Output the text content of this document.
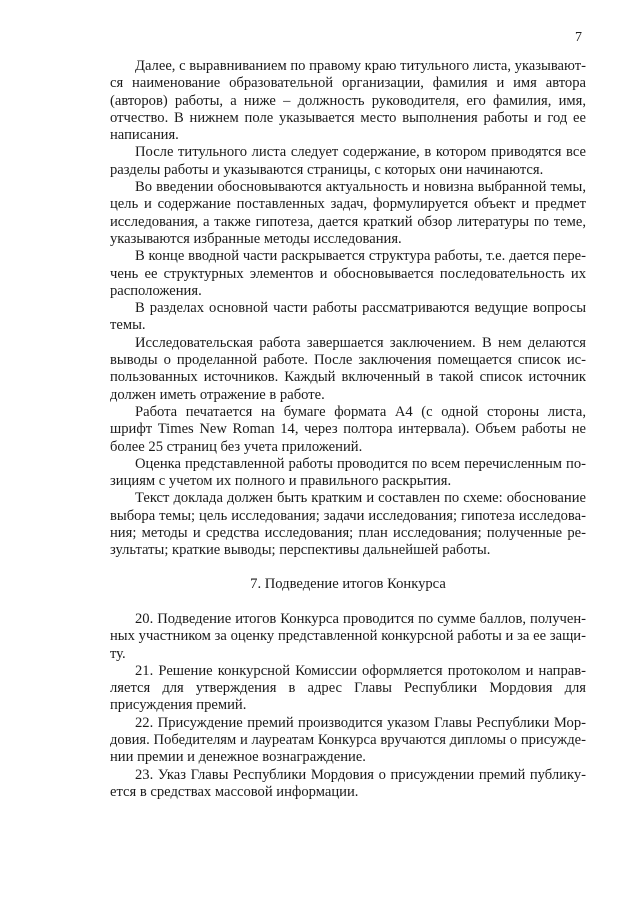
7

Далее, с выравниванием по правому краю титульного листа, указываются наименование образовательной организации, фамилия и имя автора (авторов) работы, а ниже – должность руководителя, его фамилия, имя, отчество. В нижнем поле указывается место выполнения работы и год ее написания.

После титульного листа следует содержание, в котором приводятся все разделы работы и указываются страницы, с которых они начинаются.

Во введении обосновываются актуальность и новизна выбранной темы, цель и содержание поставленных задач, формулируется объект и предмет исследования, а также гипотеза, дается краткий обзор литературы по теме, указываются избранные методы исследования.

В конце вводной части раскрывается структура работы, т.е. дается перечень ее структурных элементов и обосновывается последовательность их расположения.

В разделах основной части работы рассматриваются ведущие вопросы темы.

Исследовательская работа завершается заключением. В нем делаются выводы о проделанной работе. После заключения помещается список использованных источников. Каждый включенный в такой список источник должен иметь отражение в работе.

Работа печатается на бумаге формата А4 (с одной стороны листа, шрифт Times New Roman 14, через полтора интервала). Объем работы не более 25 страниц без учета приложений.

Оценка представленной работы проводится по всем перечисленным позициям с учетом их полного и правильного раскрытия.

Текст доклада должен быть кратким и составлен по схеме: обоснование выбора темы; цель исследования; задачи исследования; гипотеза исследования; методы и средства исследования; план исследования; полученные результаты; краткие выводы; перспективы дальнейшей работы.

7. Подведение итогов Конкурса

20. Подведение итогов Конкурса проводится по сумме баллов, полученных участником за оценку представленной конкурсной работы и за ее защиту.

21. Решение конкурсной Комиссии оформляется протоколом и направляется для утверждения в адрес Главы Республики Мордовия для присуждения премий.

22. Присуждение премий производится указом Главы Республики Мордовия. Победителям и лауреатам Конкурса вручаются дипломы о присуждении премии и денежное вознаграждение.

23. Указ Главы Республики Мордовия о присуждении премий публикуется в средствах массовой информации.
